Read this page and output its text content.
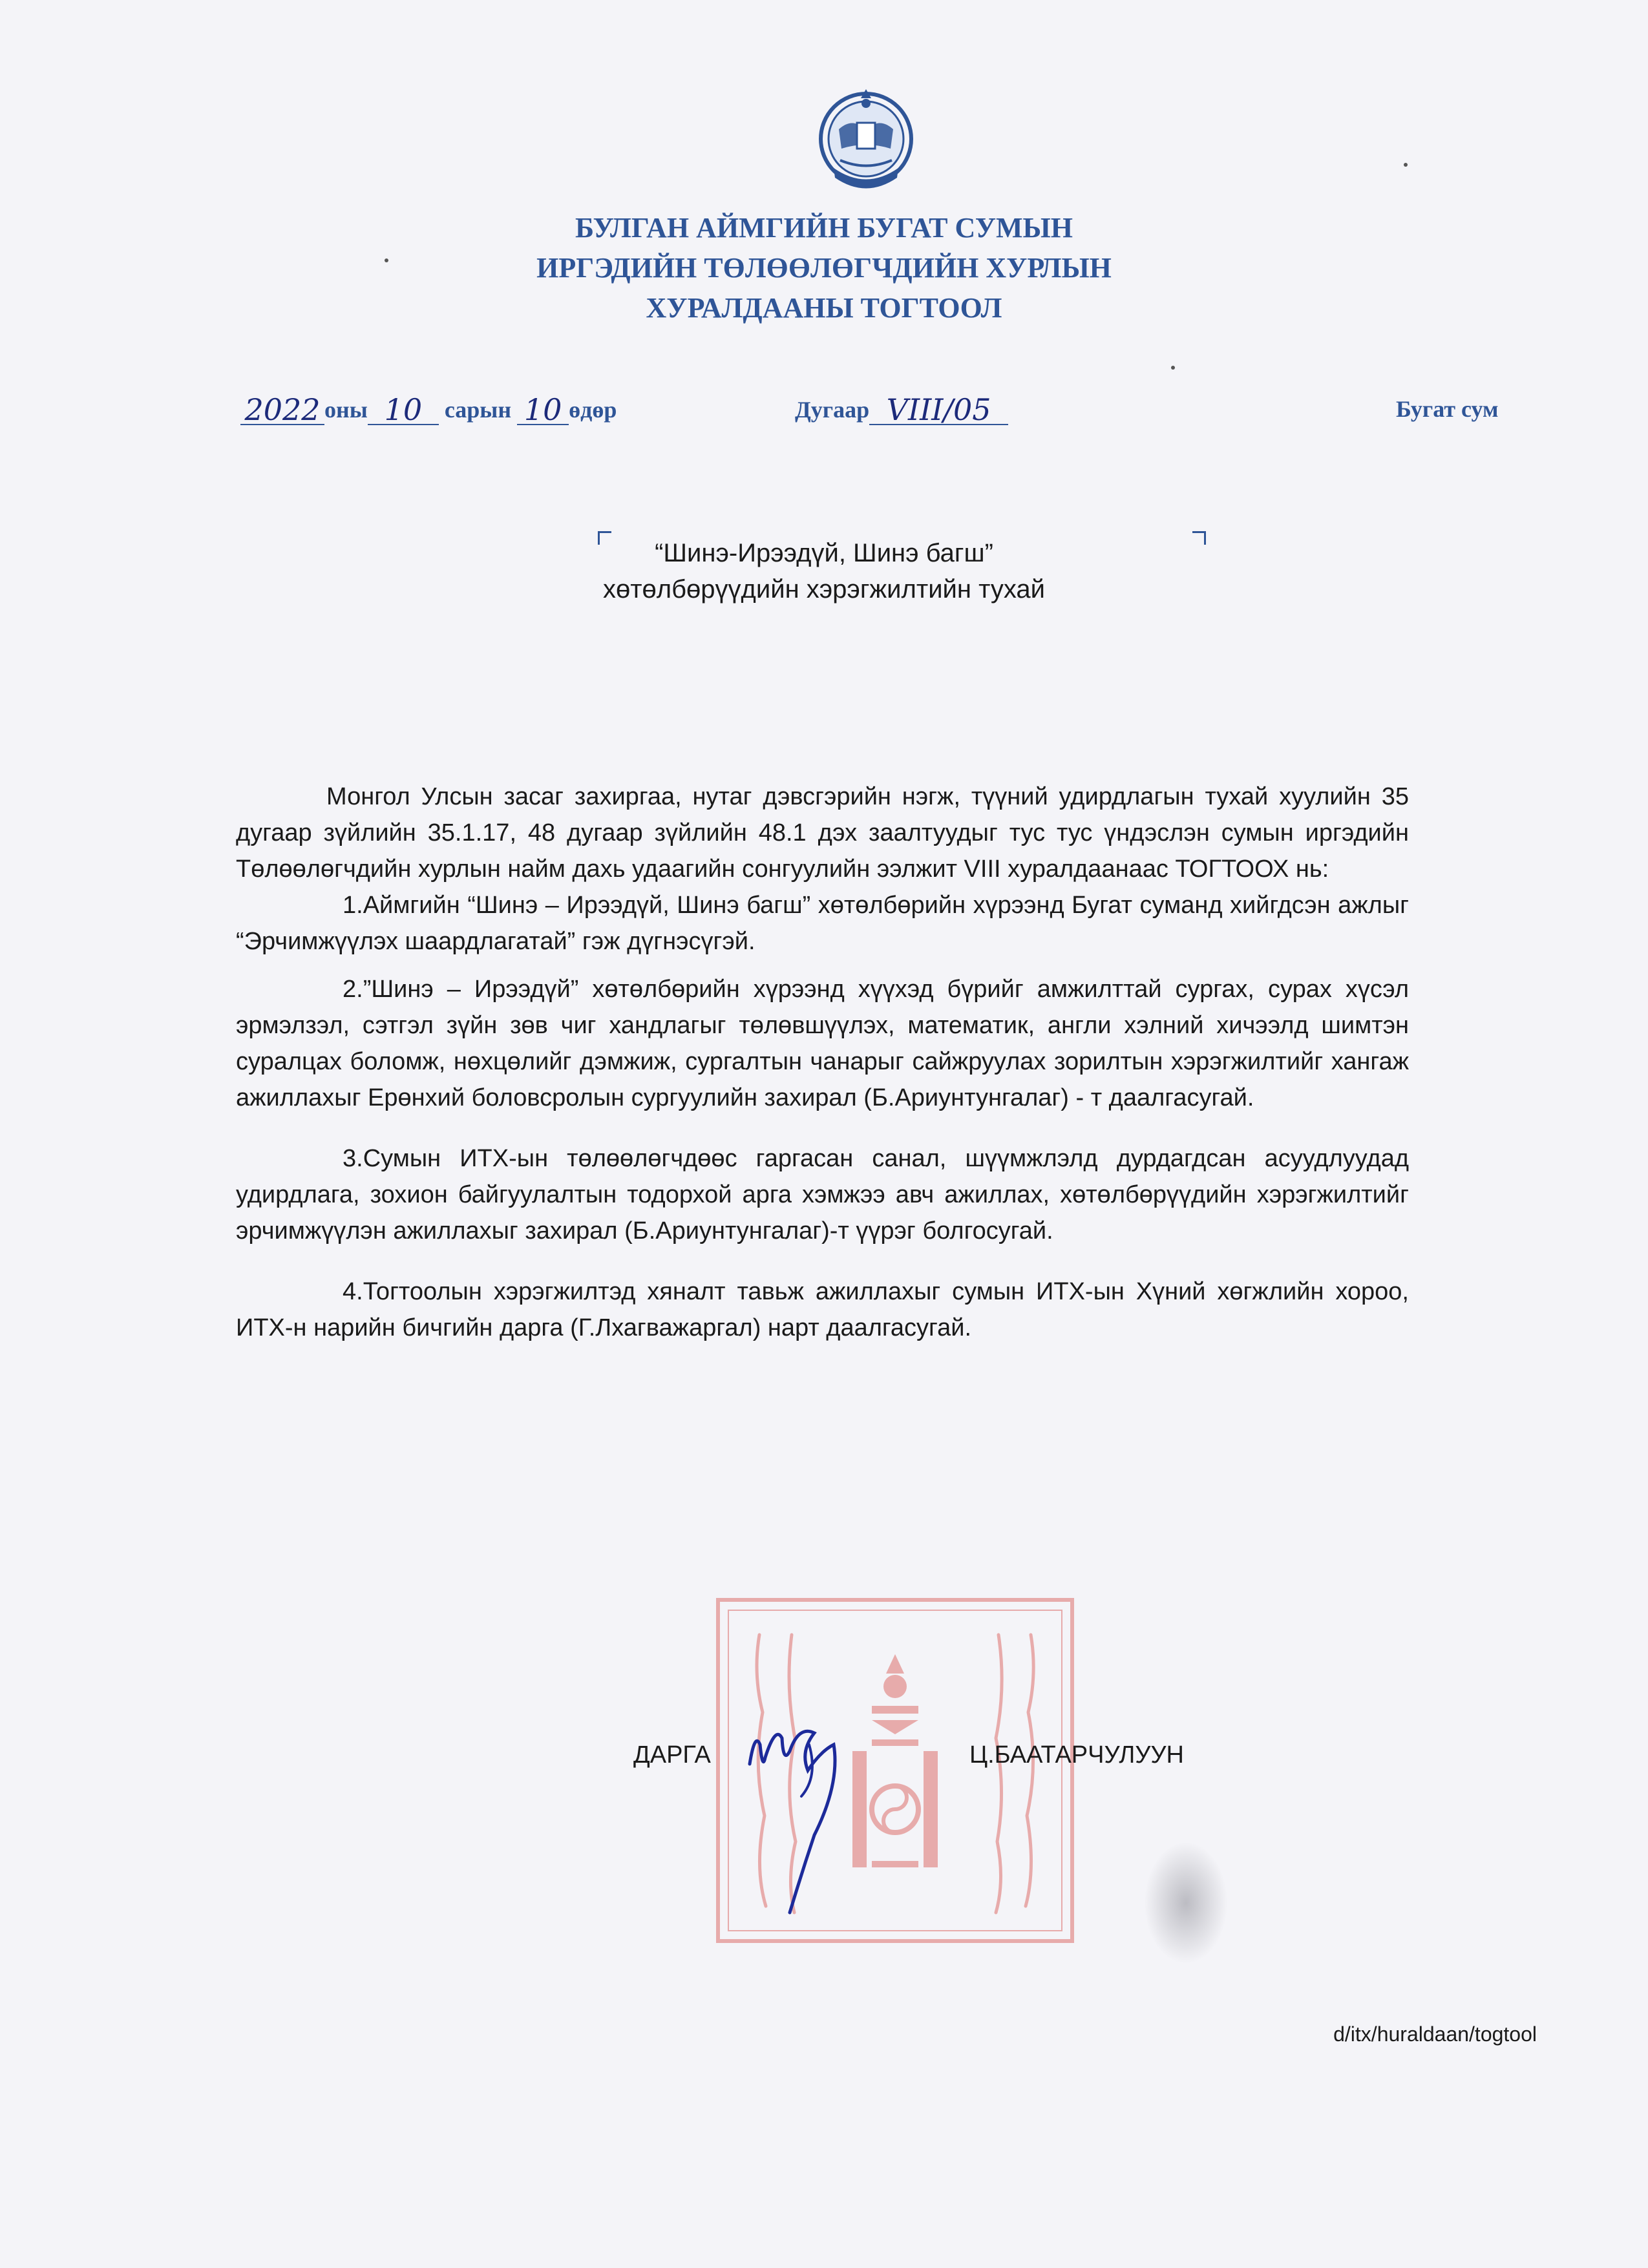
БУЛГАН АЙМГИЙН БУГАТ СУМЫН
ИРГЭДИЙН ТӨЛӨӨЛӨГЧДИЙН ХУРЛЫН
ХУРАЛДААНЫ ТОГТООЛ
2022 оны 10 сарын 10 өдөр	Дугаар VIII/05	Бугат сум
“Шинэ-Ирээдүй, Шинэ багш”
хөтөлбөрүүдийн хэрэгжилтийн тухай

Монгол Улсын засаг захиргаа, нутаг дэвсгэрийн нэгж, түүний удирдлагын тухай хуулийн 35 дугаар зүйлийн 35.1.17, 48 дугаар зүйлийн 48.1 дэх заалтуудыг тус тус үндэслэн сумын иргэдийн Төлөөлөгчдийн хурлын найм дахь удаагийн сонгуулийн ээлжит VIII хуралдаанаас ТОГТООХ нь:

1.Аймгийн “Шинэ – Ирээдүй, Шинэ багш” хөтөлбөрийн хүрээнд Бугат суманд хийгдсэн ажлыг “Эрчимжүүлэх шаардлагатай” гэж дүгнэсүгэй.

2.”Шинэ – Ирээдүй” хөтөлбөрийн хүрээнд хүүхэд бүрийг амжилттай сургах, сурах хүсэл эрмэлзэл, сэтгэл зүйн зөв чиг хандлагыг төлөвшүүлэх, математик, англи хэлний хичээлд шимтэн суралцах боломж, нөхцөлийг дэмжиж, сургалтын чанарыг сайжруулах зорилтын хэрэгжилтийг хангаж ажиллахыг Ерөнхий боловсролын сургуулийн захирал (Б.Ариунтунгалаг) - т даалгасугай.

3.Сумын ИТХ-ын төлөөлөгчдөөс гаргасан санал, шүүмжлэлд дурдагдсан асуудлуудад удирдлага, зохион байгуулалтын тодорхой арга хэмжээ авч ажиллах, хөтөлбөрүүдийн хэрэгжилтийг эрчимжүүлэн ажиллахыг захирал (Б.Ариунтунгалаг)-т үүрэг болгосугай.

4.Тогтоолын хэрэгжилтэд хяналт тавьж ажиллахыг сумын ИТХ-ын Хүний хөгжлийн хороо, ИТХ-н нарийн бичгийн дарга (Г.Лхагважаргал) нарт даалгасугай.

ДАРГА	Ц.БААТАРЧУЛУУН
d/itx/huraldaan/togtool
